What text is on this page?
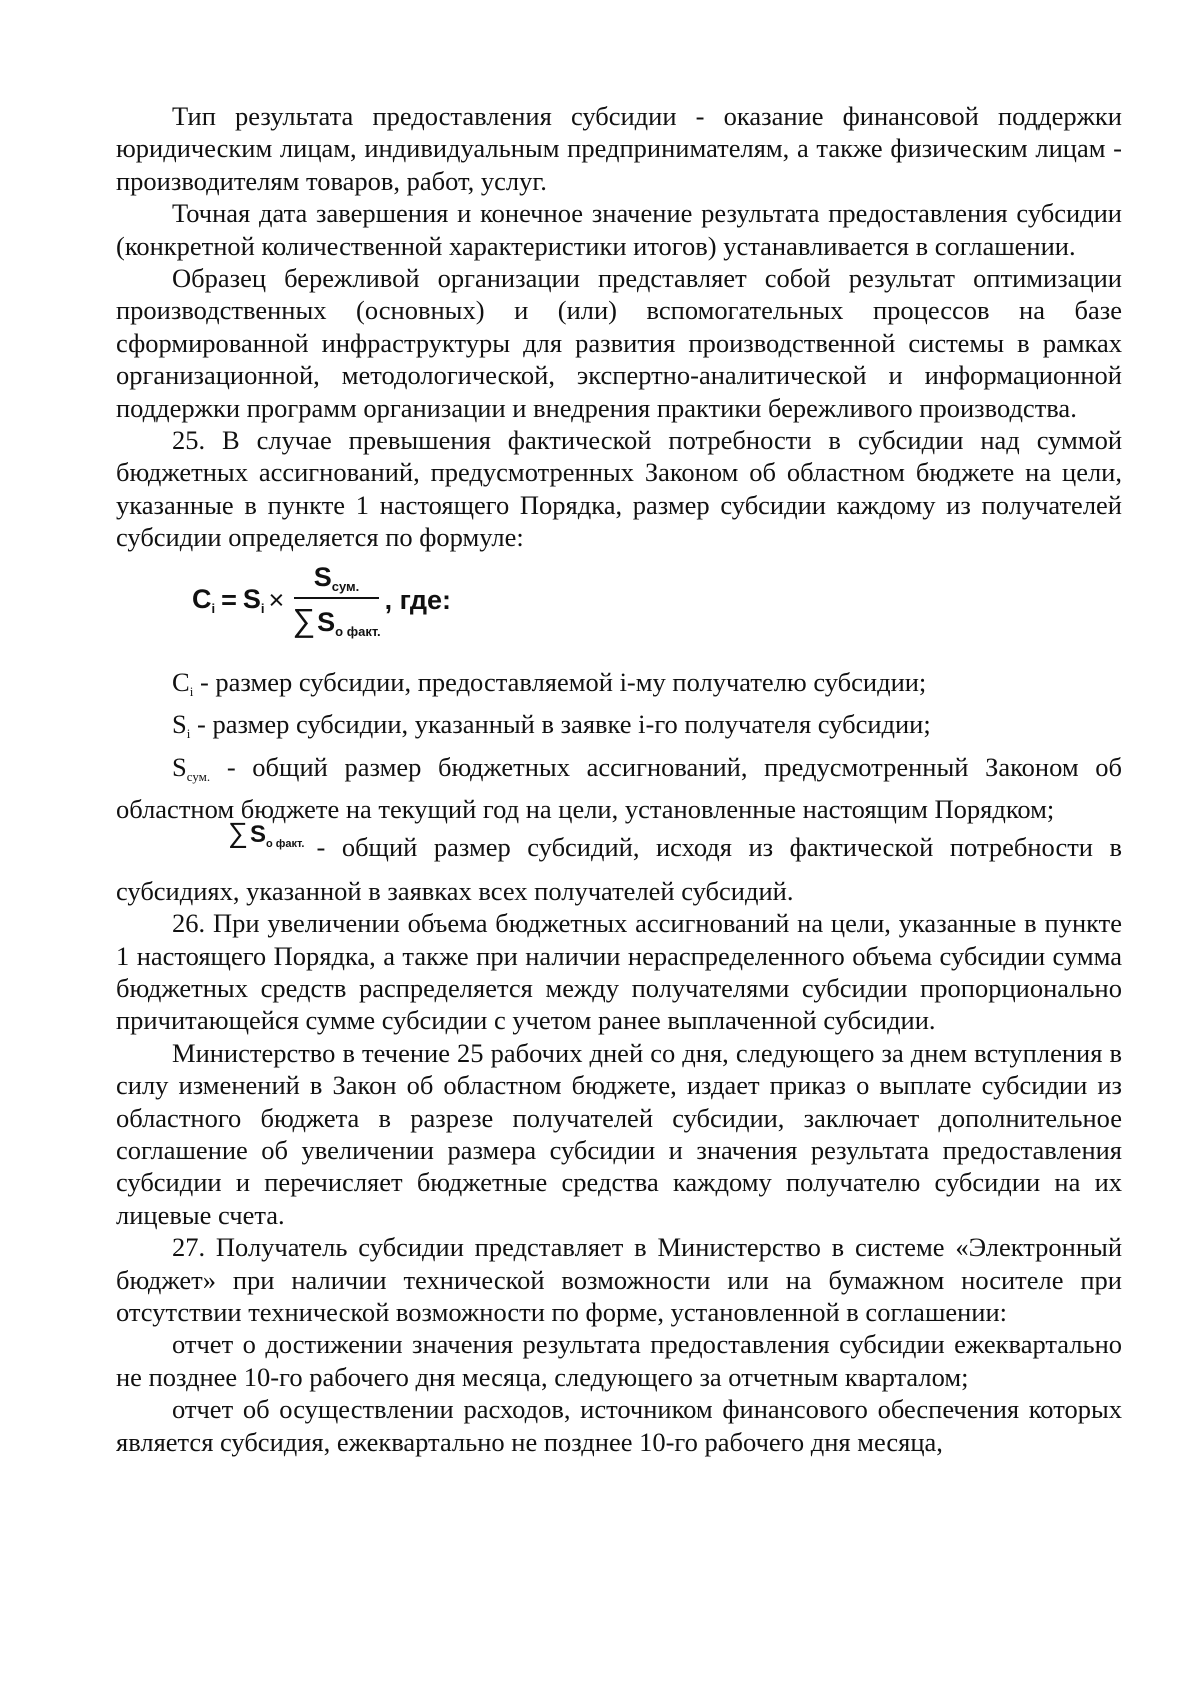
Тип результата предоставления субсидии - оказание финансовой поддержки юридическим лицам, индивидуальным предпринимателям, а также физическим лицам - производителям товаров, работ, услуг.

Точная дата завершения и конечное значение результата предоставления субсидии (конкретной количественной характеристики итогов) устанавливается в соглашении.

Образец бережливой организации представляет собой результат оптимизации производственных (основных) и (или) вспомогательных процессов на базе сформированной инфраструктуры для развития производственной системы в рамках организационной, методологической, экспертно-аналитической и информационной поддержки программ организации и внедрения практики бережливого производства.

25. В случае превышения фактической потребности в субсидии над суммой бюджетных ассигнований, предусмотренных Законом об областном бюджете на цели, указанные в пункте 1 настоящего Порядка, размер субсидии каждому из получателей субсидии определяется по формуле:

$C_i = S_i \times \frac{S_{сум.}}{\sum S_{о факт.}}$ , где:

$C_i$ - размер субсидии, предоставляемой i-му получателю субсидии;

$S_i$ - размер субсидии, указанный в заявке i-го получателя субсидии;

$S_{сум.}$ - общий размер бюджетных ассигнований, предусмотренный Законом об областном бюджете на текущий год на цели, установленные настоящим Порядком;

$\sum S_{о факт.}$ - общий размер субсидий, исходя из фактической потребности в субсидиях, указанной в заявках всех получателей субсидий.

26. При увеличении объема бюджетных ассигнований на цели, указанные в пункте 1 настоящего Порядка, а также при наличии нераспределенного объема субсидии сумма бюджетных средств распределяется между получателями субсидии пропорционально причитающейся сумме субсидии с учетом ранее выплаченной субсидии.

Министерство в течение 25 рабочих дней со дня, следующего за днем вступления в силу изменений в Закон об областном бюджете, издает приказ о выплате субсидии из областного бюджета в разрезе получателей субсидии, заключает дополнительное соглашение об увеличении размера субсидии и значения результата предоставления субсидии и перечисляет бюджетные средства каждому получателю субсидии на их лицевые счета.

27. Получатель субсидии представляет в Министерство в системе «Электронный бюджет» при наличии технической возможности или на бумажном носителе при отсутствии технической возможности по форме, установленной в соглашении:

отчет о достижении значения результата предоставления субсидии ежеквартально не позднее 10-го рабочего дня месяца, следующего за отчетным кварталом;

отчет об осуществлении расходов, источником финансового обеспечения которых является субсидия, ежеквартально не позднее 10-го рабочего дня месяца,
